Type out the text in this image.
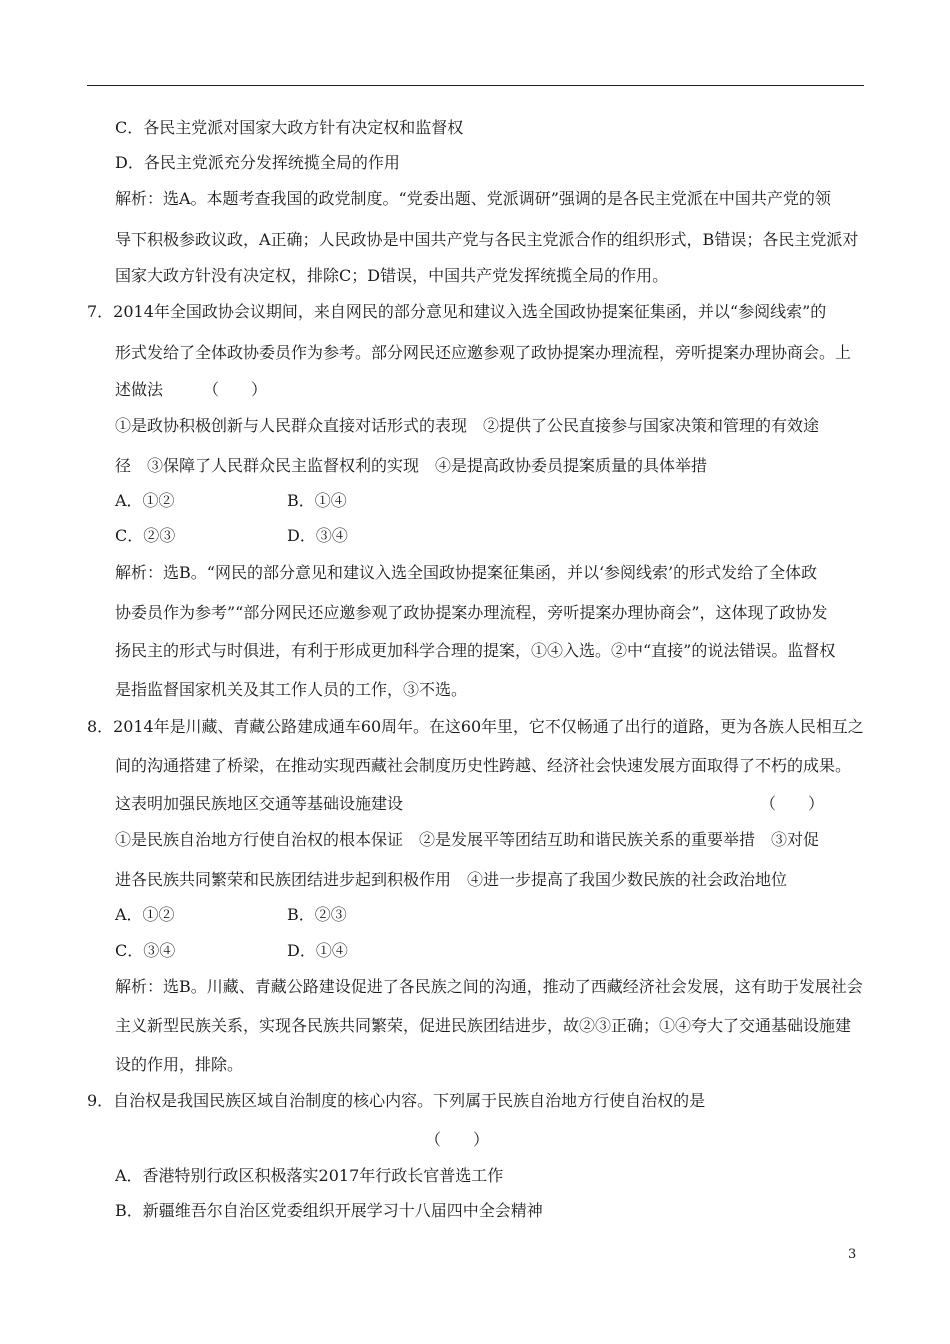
C．各民主党派对国家大政方针有决定权和监督权
D．各民主党派充分发挥统揽全局的作用
解析：选A。本题考查我国的政党制度。“党委出题、党派调研”强调的是各民主党派在中国共产党的领
导下积极参政议政，A正确；人民政协是中国共产党与各民主党派合作的组织形式，B错误；各民主党派对
国家大政方针没有决定权，排除C；D错误，中国共产党发挥统揽全局的作用。
7．2014年全国政协会议期间，来自网民的部分意见和建议入选全国政协提案征集函，并以“参阅线索”的
形式发给了全体政协委员作为参考。部分网民还应邀参观了政协提案办理流程，旁听提案办理协商会。上
述做法　　　（　　）
①是政协积极创新与人民群众直接对话形式的表现　②提供了公民直接参与国家决策和管理的有效途
径　③保障了人民群众民主监督权利的实现　④是提高政协委员提案质量的具体举措
A．①②	B．①④
C．②③	D．③④
解析：选B。“网民的部分意见和建议入选全国政协提案征集函，并以‘参阅线索’的形式发给了全体政
协委员作为参考”“部分网民还应邀参观了政协提案办理流程，旁听提案办理协商会”，这体现了政协发
扬民主的形式与时俱进，有利于形成更加科学合理的提案，①④入选。②中“直接”的说法错误。监督权
是指监督国家机关及其工作人员的工作，③不选。
8．2014年是川藏、青藏公路建成通车60周年。在这60年里，它不仅畅通了出行的道路，更为各族人民相互之
间的沟通搭建了桥梁，在推动实现西藏社会制度历史性跨越、经济社会快速发展方面取得了不朽的成果。
这表明加强民族地区交通等基础设施建设	（　　）
①是民族自治地方行使自治权的根本保证　②是发展平等团结互助和谐民族关系的重要举措　③对促
进各民族共同繁荣和民族团结进步起到积极作用　④进一步提高了我国少数民族的社会政治地位
A．①②	B．②③
C．③④	D．①④
解析：选B。川藏、青藏公路建设促进了各民族之间的沟通，推动了西藏经济社会发展，这有助于发展社会
主义新型民族关系，实现各民族共同繁荣，促进民族团结进步，故②③正确；①④夸大了交通基础设施建
设的作用，排除。
9．自治权是我国民族区域自治制度的核心内容。下列属于民族自治地方行使自治权的是
（　　）
A．香港特别行政区积极落实2017年行政长官普选工作
B．新疆维吾尔自治区党委组织开展学习十八届四中全会精神
3
